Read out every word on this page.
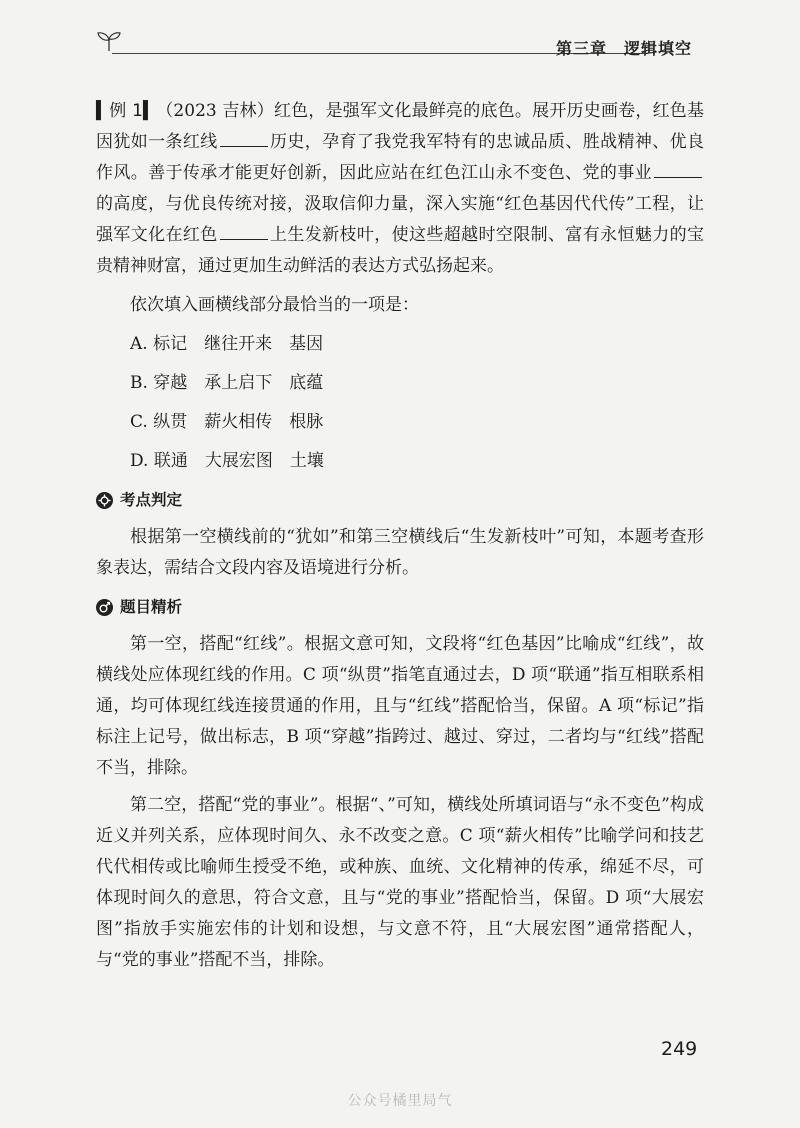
第三章　逻辑填空

▍例 1▍（2023 吉林）红色，是强军文化最鲜亮的底色。展开历史画卷，红色基因犹如一条红线	历史，孕育了我党我军特有的忠诚品质、胜战精神、优良作风。善于传承才能更好创新，因此应站在红色江山永不变色、党的事业的高度，与优良传统对接，汲取信仰力量，深入实施“红色基因代代传”工程，让强军文化在红色	上生发新枝叶，使这些超越时空限制、富有永恒魅力的宝贵精神财富，通过更加生动鲜活的表达方式弘扬起来。

依次填入画横线部分最恰当的一项是：

A. 标记　继往开来　基因

B. 穿越　承上启下　底蕴

C. 纵贯　薪火相传　根脉

D. 联通　大展宏图　土壤

考点判定

根据第一空横线前的“犹如”和第三空横线后“生发新枝叶”可知，本题考查形象表达，需结合文段内容及语境进行分析。

题目精析

第一空，搭配“红线”。根据文意可知，文段将“红色基因”比喻成“红线”，故横线处应体现红线的作用。C 项“纵贯”指笔直通过去，D 项“联通”指互相联系相通，均可体现红线连接贯通的作用，且与“红线”搭配恰当，保留。A 项“标记”指标注上记号，做出标志，B 项“穿越”指跨过、越过、穿过，二者均与“红线”搭配不当，排除。

第二空，搭配“党的事业”。根据“、”可知，横线处所填词语与“永不变色”构成近义并列关系，应体现时间久、永不改变之意。C 项“薪火相传”比喻学问和技艺代代相传或比喻师生授受不绝，或种族、血统、文化精神的传承，绵延不尽，可体现时间久的意思，符合文意，且与“党的事业”搭配恰当，保留。D 项“大展宏图”指放手实施宏伟的计划和设想，与文意不符，且“大展宏图”通常搭配人，与“党的事业”搭配不当，排除。

249
公众号橘里局气
